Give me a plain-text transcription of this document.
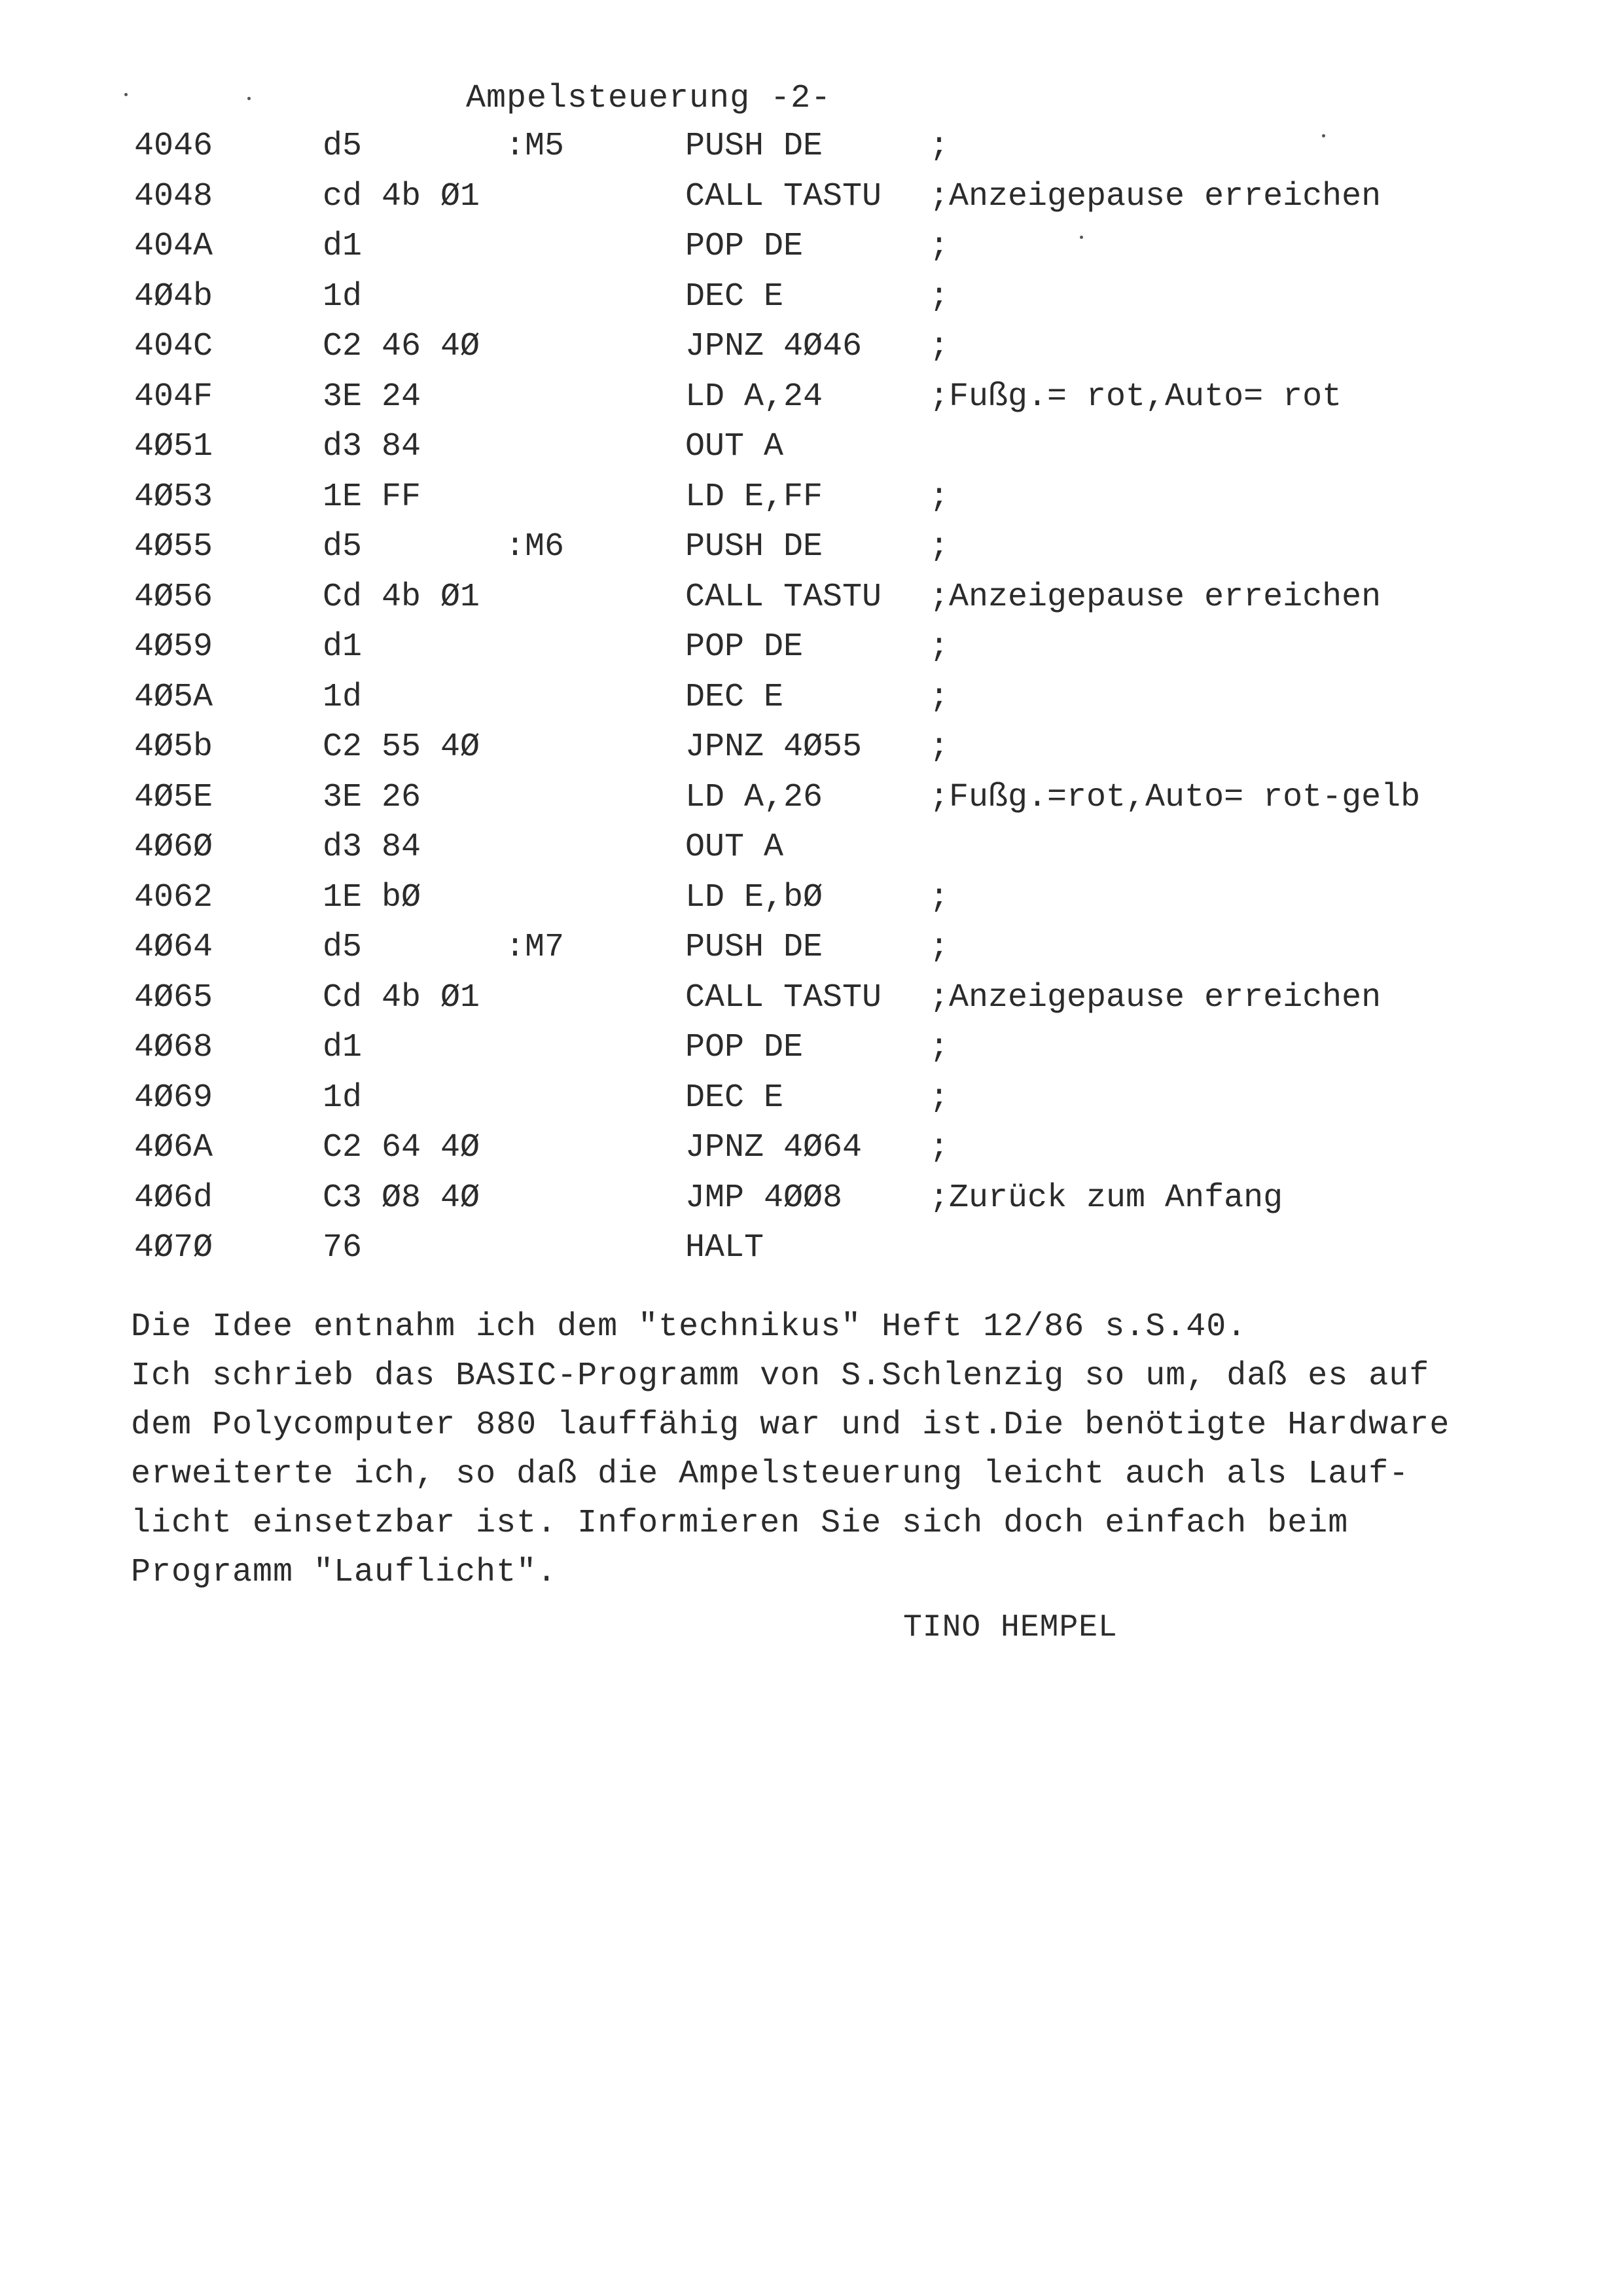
Ampelsteuerung -2-
4046	d5	:M5	PUSH DE	;
4048	cd 4b Ø1	CALL TASTU ;Anzeigepause erreichen
404A	d1	POP DE	;
4Ø4b	1d	DEC E	;
404C	C2 46 4Ø	JPNZ 4Ø46 ;
404F	3E 24	LD A,24	;Fußg.= rot,Auto= rot
4Ø51	d3 84	OUT A
4Ø53	1E FF	LD E,FF	;
4Ø55	d5	:M6	PUSH DE	;
4Ø56	Cd 4b Ø1	CALL TASTU ;Anzeigepause erreichen
4Ø59	d1	POP DE	;
4Ø5A	1d	DEC E	;
4Ø5b	C2 55 4Ø	JPNZ 4Ø55 ;
4Ø5E	3E 26	LD A,26	;Fußg.=rot,Auto= rot-gelb
4Ø6Ø	d3 84	OUT A
4062	1E bØ	LD E,bØ	;
4Ø64	d5	:M7	PUSH DE	;
4Ø65	Cd 4b Ø1	CALL TASTU ;Anzeigepause erreichen
4Ø68	d1	POP DE	;
4Ø69	1d	DEC E	;
4Ø6A	C2 64 4Ø	JPNZ 4Ø64 ;
4Ø6d	C3 Ø8 4Ø	JMP 4ØØ8	;Zurück zum Anfang
4Ø7Ø	76	HALT
Die Idee entnahm ich dem "technikus" Heft 12/86 s.S.40.
Ich schrieb das BASIC-Programm von S.Schlenzig so um, daß es auf
dem Polycomputer 880 lauffähig war und ist.Die benötigte Hardware
erweiterte ich, so daß die Ampelsteuerung leicht auch als Lauf-
licht einsetzbar ist. Informieren Sie sich doch einfach beim
Programm "Lauflicht".
TINO HEMPEL
